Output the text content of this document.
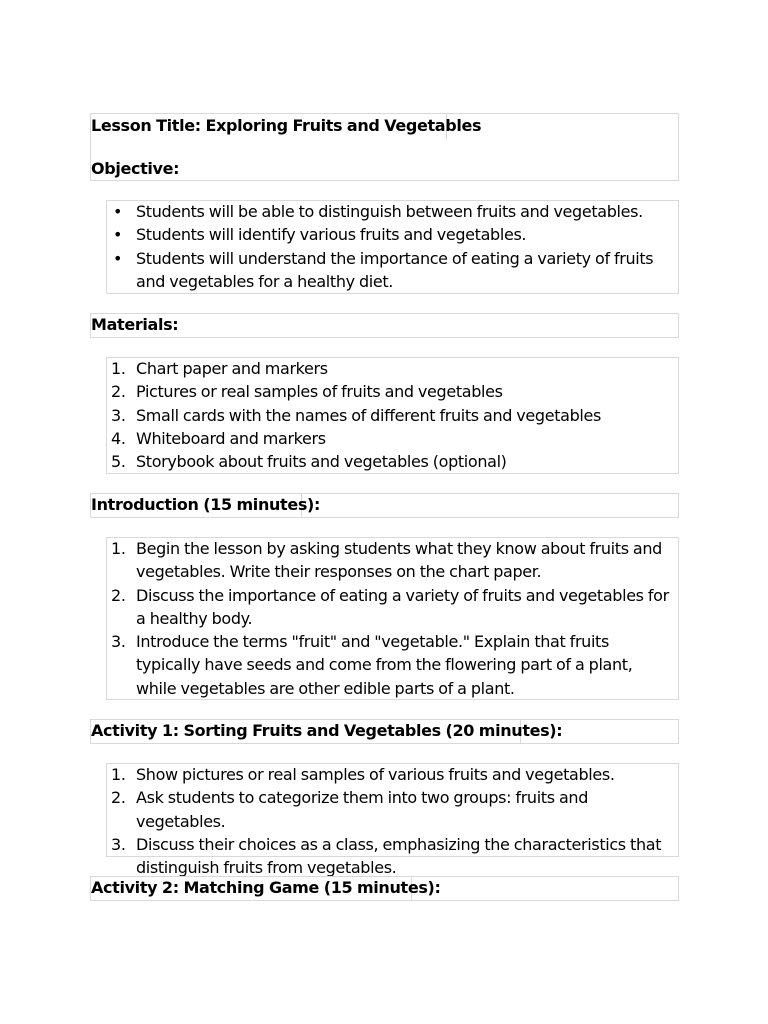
Lesson Title: Exploring Fruits and Vegetables
Objective:
• Students will be able to distinguish between fruits and vegetables.
• Students will identify various fruits and vegetables.
• Students will understand the importance of eating a variety of fruits and vegetables for a healthy diet.
Materials:
1. Chart paper and markers
2. Pictures or real samples of fruits and vegetables
3. Small cards with the names of different fruits and vegetables
4. Whiteboard and markers
5. Storybook about fruits and vegetables (optional)
Introduction (15 minutes):
1. Begin the lesson by asking students what they know about fruits and vegetables. Write their responses on the chart paper.
2. Discuss the importance of eating a variety of fruits and vegetables for a healthy body.
3. Introduce the terms "fruit" and "vegetable." Explain that fruits typically have seeds and come from the flowering part of a plant, while vegetables are other edible parts of a plant.
Activity 1: Sorting Fruits and Vegetables (20 minutes):
1. Show pictures or real samples of various fruits and vegetables.
2. Ask students to categorize them into two groups: fruits and vegetables.
3. Discuss their choices as a class, emphasizing the characteristics that distinguish fruits from vegetables.
Activity 2: Matching Game (15 minutes):
